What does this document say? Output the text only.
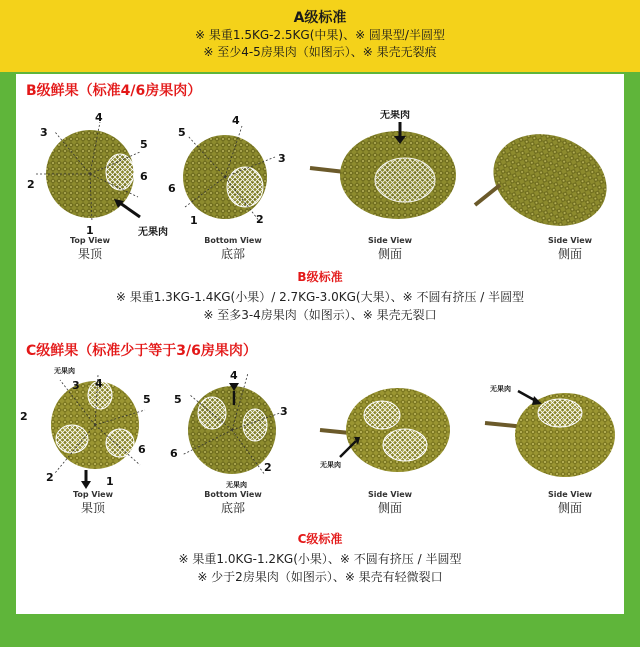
A级标准
※ 果重1.5KG-2.5KG(中果)、※ 圆果型/半圆型
※ 至少4-5房果肉（如图示）、※ 果壳无裂痕
B级鲜果（标准4/6房果肉）
3
4
5
6
1
2
Top View
果顶
5
4
3
2
1
6
无果肉
Bottom View
底部
无果肉
Side View
侧面
Side View
侧面
B级标准
※ 果重1.3KG-1.4KG(小果）/ 2.7KG-3.0KG(大果）、※ 不圆有挤压 / 半圆型
※ 至多3-4房果肉（如图示）、※ 果壳无裂口
C级鲜果（标准少于等于3/6房果肉）
无果肉
3 4
5
2
6
1
2
Top View
果顶
5
4
3
2
6
无果肉
Bottom View
底部
无果肉
Side View
侧面
无果肉
Side View
侧面
C级标准
※ 果重1.0KG-1.2KG(小果）、※ 不圆有挤压 / 半圆型
※ 少于2房果肉（如图示）、※ 果壳有轻微裂口
